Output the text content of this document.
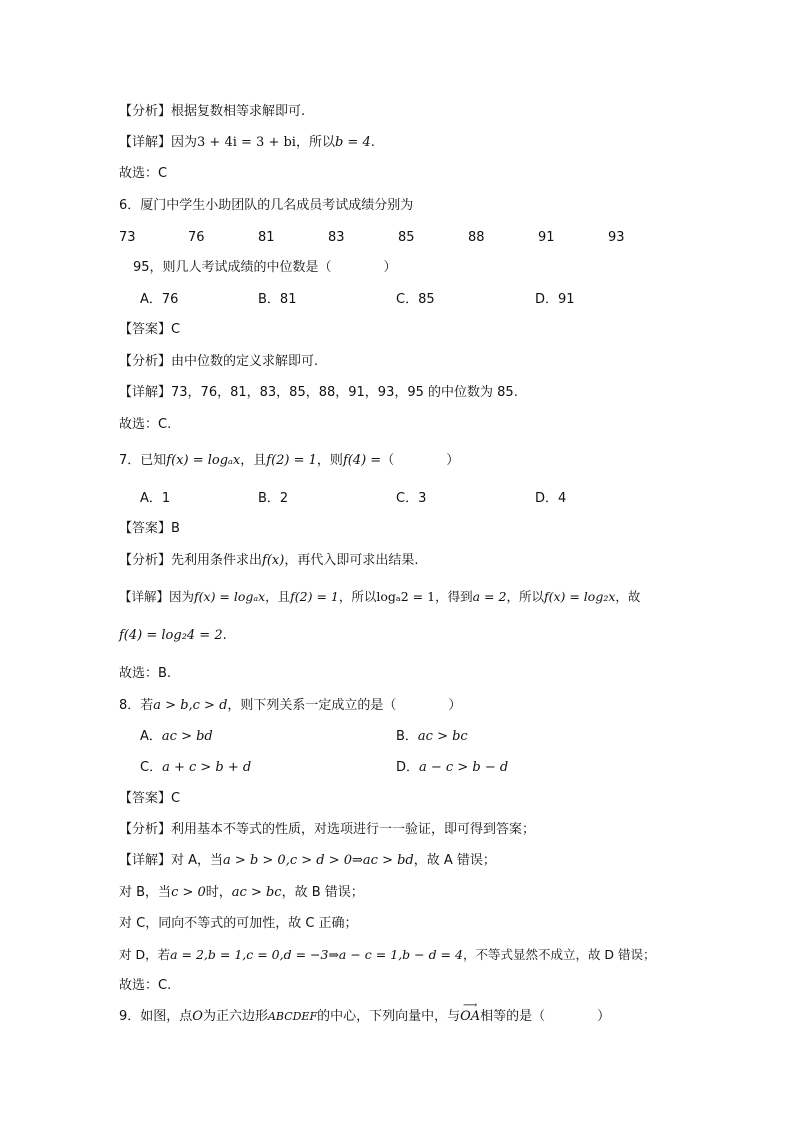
【分析】根据复数相等求解即可.
【详解】因为3 + 4i = 3 + bi，所以b = 4.
故选：C
6．厦门中学生小助团队的几名成员考试成绩分别为
73	76	81	83	85	88	91	93
95，则几人考试成绩的中位数是（　　　　）
A．76	B．81	C．85	D．91
【答案】C
【分析】由中位数的定义求解即可.
【详解】73，76，81，83，85，88，91，93，95 的中位数为 85.
故选：C.
7．已知f(x) = logₐx，且f(2) = 1，则f(4) =（　　　　）
A．1	B．2	C．3	D．4
【答案】B
【分析】先利用条件求出f(x)，再代入即可求出结果.
【详解】因为f(x) = logₐx，且f(2) = 1，所以logₐ2 = 1，得到a = 2，所以f(x) = log₂x，故
f(4) = log₂4 = 2.
故选：B.
8．若a > b,c > d，则下列关系一定成立的是（　　　　）
A．ac > bd	B．ac > bc
C．a + c > b + d	D．a − c > b − d
【答案】C
【分析】利用基本不等式的性质，对选项进行一一验证，即可得到答案；
【详解】对 A，当a > b > 0,c > d > 0⇒ac > bd，故 A 错误；
对 B，当c > 0时，ac > bc，故 B 错误；
对 C，同向不等式的可加性，故 C 正确；
对 D，若a = 2,b = 1,c = 0,d = −3⇒a − c = 1,b − d = 4，不等式显然不成立，故 D 错误；
故选：C.
9．如图，点O为正六边形ABCDEF的中心，下列向量中，与
⟶
OA相等的是（　　　　）
